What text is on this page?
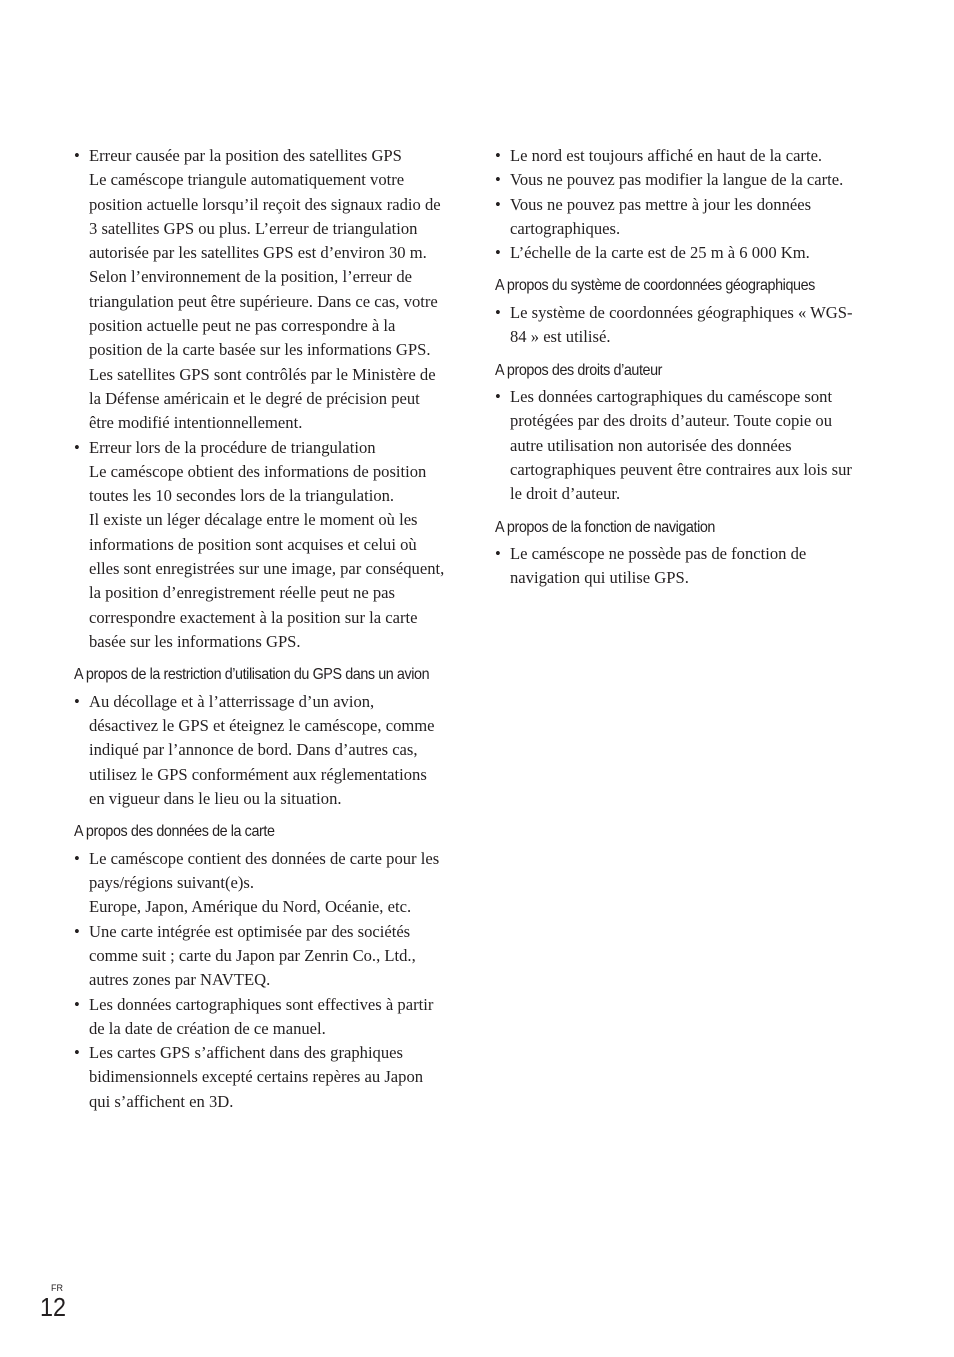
• Erreur causée par la position des satellites GPS

Le caméscope triangule automatiquement votre position actuelle lorsqu’il reçoit des signaux radio de 3 satellites GPS ou plus. L’erreur de triangulation autorisée par les satellites GPS est d’environ 30 m. Selon l’environnement de la position, l’erreur de triangulation peut être supérieure. Dans ce cas, votre position actuelle peut ne pas correspondre à la position de la carte basée sur les informations GPS. Les satellites GPS sont contrôlés par le Ministère de la Défense américain et le degré de précision peut être modifié intentionnellement.

• Erreur lors de la procédure de triangulation

Le caméscope obtient des informations de position toutes les 10 secondes lors de la triangulation.

Il existe un léger décalage entre le moment où les informations de position sont acquises et celui où elles sont enregistrées sur une image, par conséquent, la position d’enregistrement réelle peut ne pas correspondre exactement à la position sur la carte basée sur les informations GPS.

A propos de la restriction d’utilisation du GPS dans un avion
• Au décollage et à l’atterrissage d’un avion, désactivez le GPS et éteignez le caméscope, comme indiqué par l’annonce de bord. Dans d’autres cas, utilisez le GPS conformément aux réglementations en vigueur dans le lieu ou la situation.

A propos des données de la carte
• Le caméscope contient des données de carte pour les pays/régions suivant(e)s.

Europe, Japon, Amérique du Nord, Océanie, etc.

• Une carte intégrée est optimisée par des sociétés comme suit ; carte du Japon par Zenrin Co., Ltd., autres zones par NAVTEQ.

• Les données cartographiques sont effectives à partir de la date de création de ce manuel.

• Les cartes GPS s’affichent dans des graphiques bidimensionnels excepté certains repères au Japon qui s’affichent en 3D.

• Le nord est toujours affiché en haut de la carte.

• Vous ne pouvez pas modifier la langue de la carte.

• Vous ne pouvez pas mettre à jour les données cartographiques.

• L’échelle de la carte est de 25 m à 6 000 Km.

A propos du système de coordonnées géographiques
• Le système de coordonnées géographiques « WGS-84 » est utilisé.

A propos des droits d’auteur
• Les données cartographiques du caméscope sont protégées par des droits d’auteur. Toute copie ou autre utilisation non autorisée des données cartographiques peuvent être contraires aux lois sur le droit d’auteur.

A propos de la fonction de navigation
• Le caméscope ne possède pas de fonction de navigation qui utilise GPS.

FR
12
